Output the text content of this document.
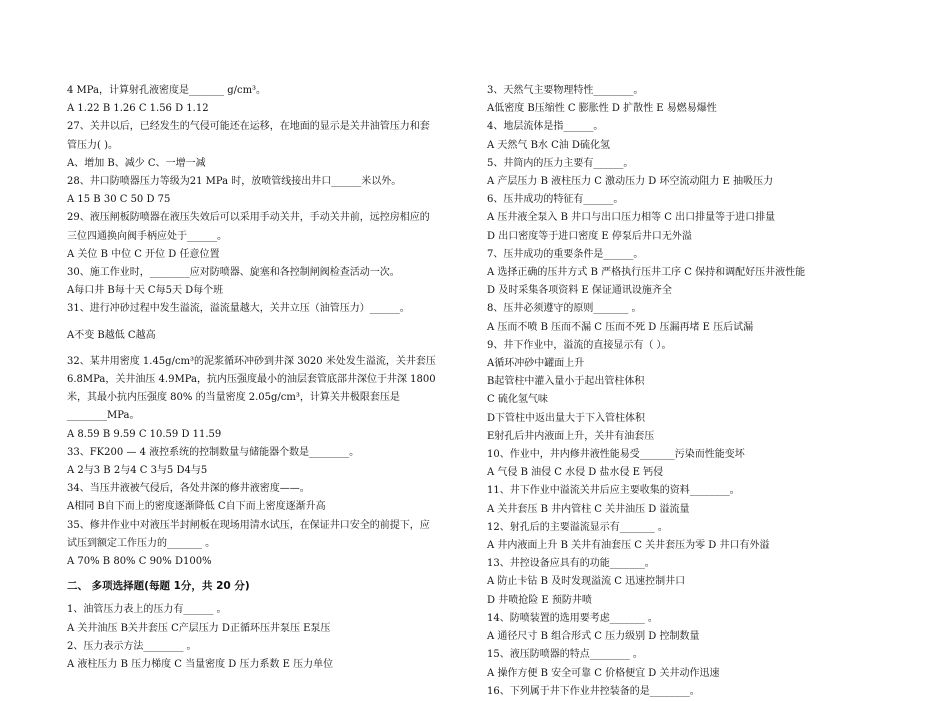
4 MPa，计算射孔液密度是_______ g/cm³。
A 1.22 B 1.26 C 1.56 D 1.12
27、关井以后，已经发生的气侵可能还在运移，在地面的显示是关井油管压力和套
管压力( )。
A、增加 B、减少 C、一增一减
28、井口防喷器压力等级为21 MPa 时，放喷管线接出井口______米以外。
A 15 B 30 C 50 D 75
29、液压闸板防喷器在液压失效后可以采用手动关井，手动关井前，远控房相应的
三位四通换向阀手柄应处于______。
A 关位 B 中位 C 开位 D 任意位置
30、施工作业时，________应对防喷器、旋塞和各控制闸阀检查活动一次。
A每口井 B每十天 C每5天 D每个班
31、进行冲砂过程中发生溢流，溢流量越大，关井立压（油管压力）______。
A不变 B越低 C越高
32、某井用密度 1.45g/cm³的泥浆循环冲砂到井深 3020 米处发生溢流，关井套压
6.8MPa，关井油压 4.9MPa，抗内压强度最小的油层套管底部井深位于井深 1800
米，其最小抗内压强度 80% 的当量密度 2.05g/cm³，计算关井极限套压是
________MPa。
A 8.59 B 9.59 C 10.59 D 11.59
33、FK200 — 4 液控系统的控制数量与储能器个数是________。
A 2与3 B 2与4 C 3与5 D4与5
34、当压井液被气侵后，各处井深的修井液密度——。
A相同 B自下而上的密度逐渐降低 C自下而上密度逐渐升高
35、修井作业中对液压半封闸板在现场用清水试压，在保证井口安全的前提下，应
试压到额定工作压力的_______ 。
A 70% B 80% C 90% D100%
二、 多项选择题(每题 1分，共 20 分)
1、油管压力表上的压力有______ 。
A 关井油压 B关井套压 C产层压力 D正循环压井泵压 E泵压
2、压力表示方法________ 。
A 液柱压力 B 压力梯度 C 当量密度 D 压力系数 E 压力单位
3、天然气主要物理特性________。
A低密度 B压缩性 C 膨胀性 D 扩散性 E 易燃易爆性
4、地层流体是指______。
A 天然气 B水 C油 D硫化氢
5、井筒内的压力主要有______。
A 产层压力 B 液柱压力 C 激动压力 D 环空流动阻力 E 抽吸压力
6、压井成功的特征有______。
A 压井液全泵入 B 井口与出口压力相等 C 出口排量等于进口排量
D 出口密度等于进口密度 E 停泵后井口无外溢
7、压井成功的重要条件是______。
A 选择正确的压井方式 B 严格执行压井工序 C 保持和调配好压井液性能
D 及时采集各项资料 E 保证通讯设施齐全
8、压井必须遵守的原则_______ 。
A 压而不喷 B 压而不漏 C 压而不死 D 压漏再堵 E 压后试漏
9、井下作业中，溢流的直接显示有（ ）。
A循环冲砂中罐面上升
B起管柱中灌入量小于起出管柱体积
C 硫化氢气味
D下管柱中返出量大于下入管柱体积
E射孔后井内液面上升，关井有油套压
10、作业中，井内修井液性能易受_______污染而性能变坏
A 气侵 B 油侵 C 水侵 D 盐水侵 E 钙侵
11、井下作业中溢流关井后应主要收集的资料________。
A 关井套压 B 井内管柱 C 关井油压 D 溢流量
12、射孔后的主要溢流显示有_______ 。
A 井内液面上升 B 关井有油套压 C 关井套压为零 D 井口有外溢
13、井控设备应具有的功能_______。
A 防止卡钻 B 及时发现溢流 C 迅速控制井口
D 井喷抢险 E 预防井喷
14、防喷装置的选用要考虑_______ 。
A 通径尺寸 B 组合形式 C 压力级别 D 控制数量
15、液压防喷器的特点________ 。
A 操作方便 B 安全可靠 C 价格便宜 D 关井动作迅速
16、下列属于井下作业井控装备的是________。
